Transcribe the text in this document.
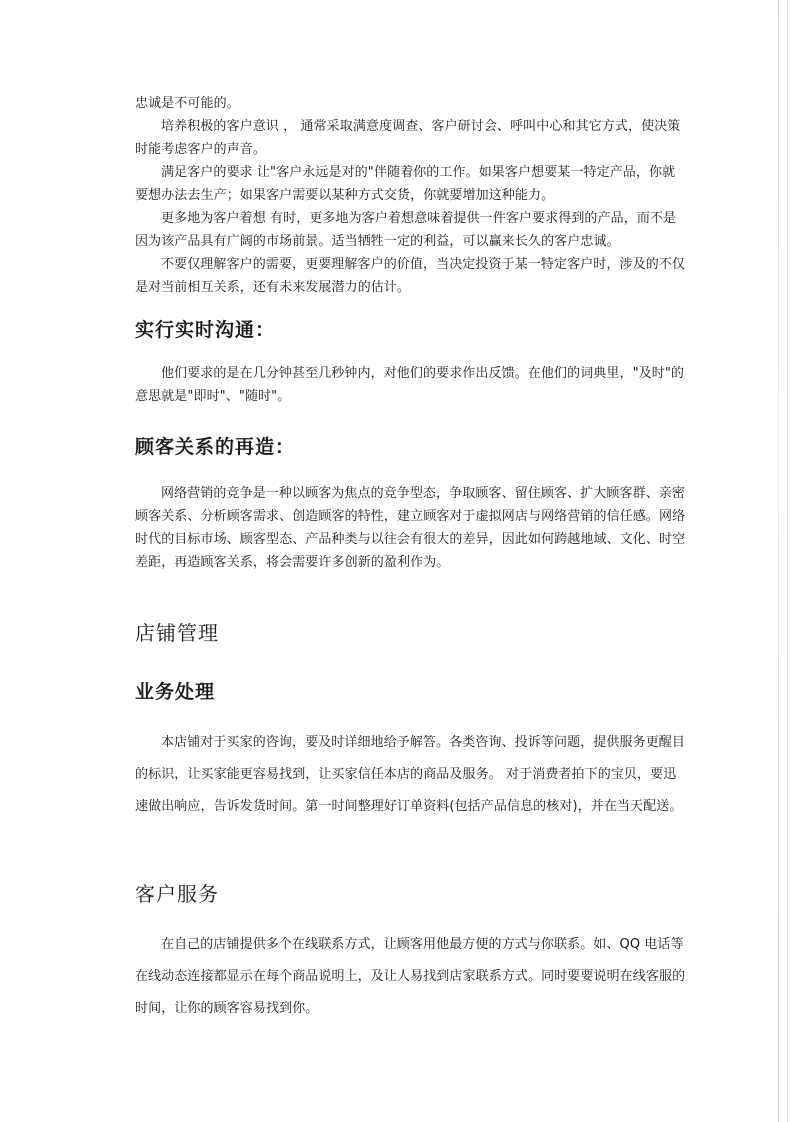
忠诚是不可能的。

培养积极的客户意识 ， 通常采取满意度调查、客户研讨会、呼叫中心和其它方式，使决策时能考虑客户的声音。

满足客户的要求 让"客户永远是对的"伴随着你的工作。如果客户想要某一特定产品，你就要想办法去生产；如果客户需要以某种方式交货，你就要增加这种能力。

更多地为客户着想 有时，更多地为客户着想意味着提供一件客户要求得到的产品，而不是因为该产品具有广阔的市场前景。适当牺牲一定的利益，可以赢来长久的客户忠诚。

不要仅理解客户的需要，更要理解客户的价值，当决定投资于某一特定客户时，涉及的不仅是对当前相互关系，还有未来发展潜力的估计。

实行实时沟通：

他们要求的是在几分钟甚至几秒钟内，对他们的要求作出反馈。在他们的词典里，"及时"的意思就是"即时"、"随时"。

顾客关系的再造：

网络营销的竞争是一种以顾客为焦点的竞争型态，争取顾客、留住顾客、扩大顾客群、亲密顾客关系、分析顾客需求、创造顾客的特性，建立顾客对于虚拟网店与网络营销的信任感。网络时代的目标市场、顾客型态、产品种类与以往会有很大的差异，因此如何跨越地域、文化、时空差距，再造顾客关系，将会需要许多创新的盈利作为。

店铺管理
业务处理

本店铺对于买家的咨询，要及时详细地给予解答。各类咨询、投诉等问题，提供服务更醒目的标识，让买家能更容易找到，让买家信任本店的商品及服务。 对于消费者拍下的宝贝，要迅速做出响应，告诉发货时间。第一时间整理好订单资料(包括产品信息的核对)，并在当天配送。

客户服务

在自己的店铺提供多个在线联系方式，让顾客用他最方便的方式与你联系。如、QQ 电话等在线动态连接都显示在每个商品说明上，及让人易找到店家联系方式。同时要要说明在线客服的时间，让你的顾客容易找到你。
